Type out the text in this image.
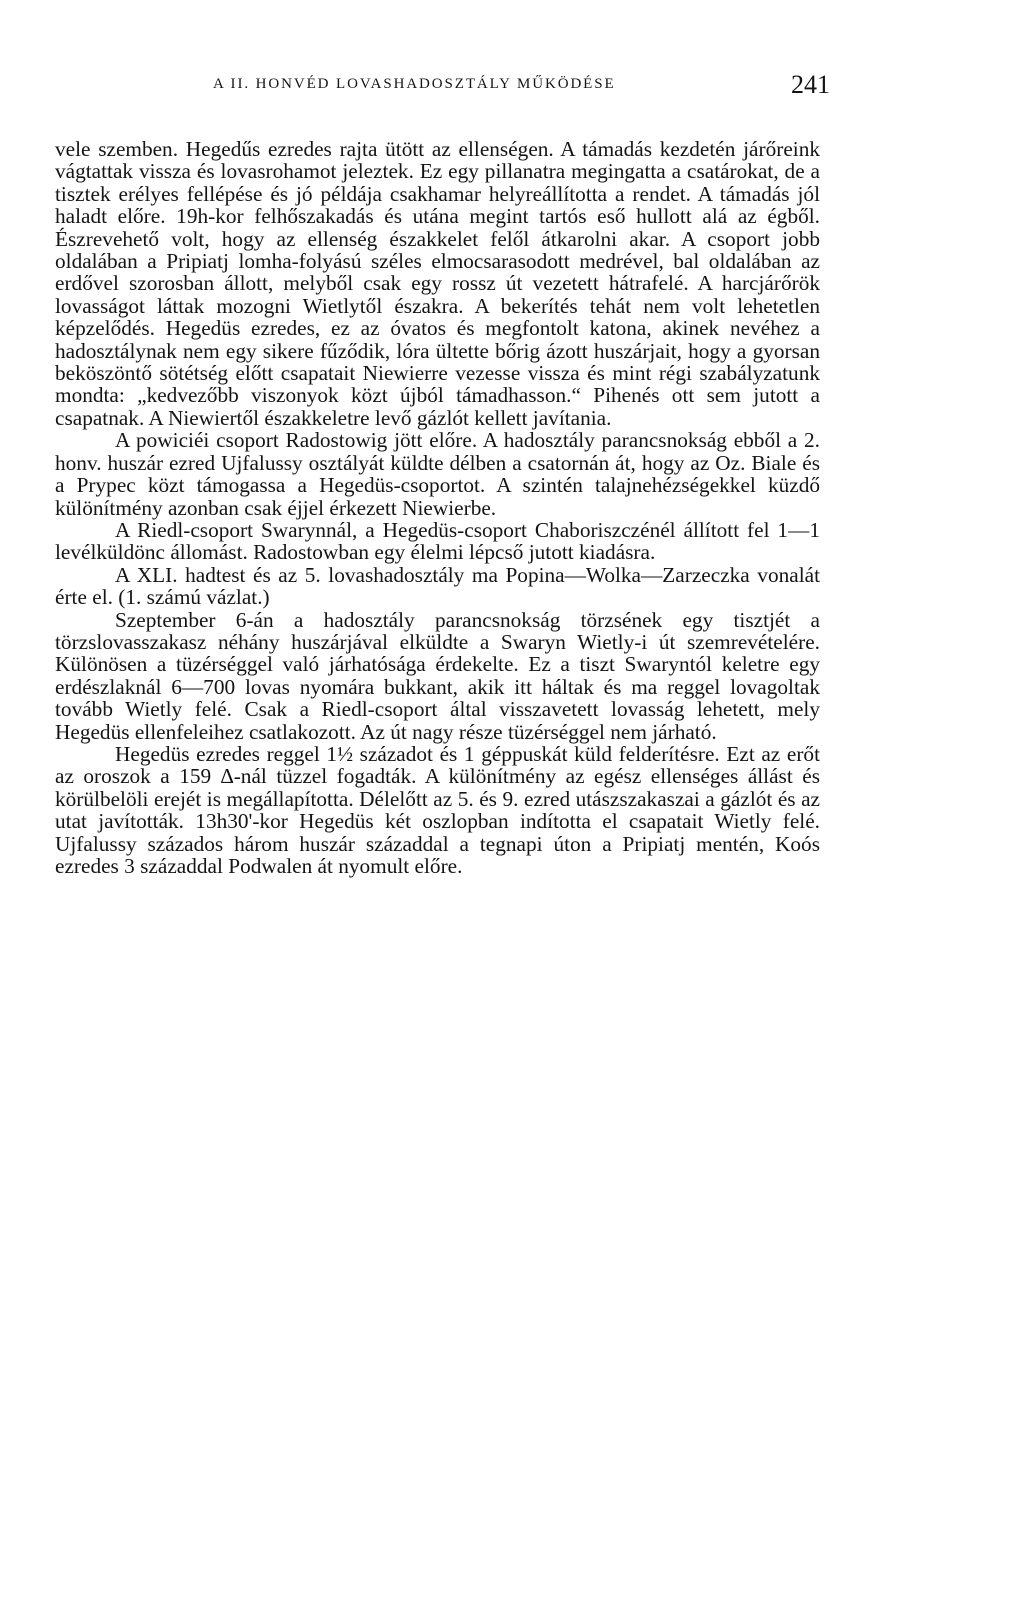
A II. HONVÉD LOVASHADOSZTÁLY MŰKÖDÉSE	241

vele szemben. Hegedűs ezredes rajta ütött az ellenségen. A támadás kezdetén járőreink vágtattak vissza és lovasrohamot jeleztek. Ez egy pillanatra megingatta a csatárokat, de a tisztek erélyes fellépése és jó példája csakhamar helyreállította a rendet. A támadás jól haladt előre. 19h-kor felhőszakadás és utána megint tartós eső hullott alá az égből. Észrevehető volt, hogy az ellenség északkelet felől átkarolni akar. A csoport jobb oldalában a Pripiatj lomha-folyású széles elmocsarasodott medrével, bal oldalában az erdővel szorosban állott, melyből csak egy rossz út vezetett hátrafelé. A harcjárőrök lovasságot láttak mozogni Wietlytől északra. A bekerítés tehát nem volt lehetetlen képzelődés. Hegedüs ezredes, ez az óvatos és megfontolt katona, akinek nevéhez a hadosztálynak nem egy sikere fűződik, lóra ültette bőrig ázott huszárjait, hogy a gyorsan beköszöntő sötétség előtt csapatait Niewierre vezesse vissza és mint régi szabályzatunk mondta: „kedvezőbb viszonyok közt újból támadhasson.“ Pihenés ott sem jutott a csapatnak. A Niewiertől északkeletre levő gázlót kellett javítania.

A powiciéi csoport Radostowig jött előre. A hadosztály parancsnokság ebből a 2. honv. huszár ezred Ujfalussy osztályát küldte délben a csatornán át, hogy az Oz. Biale és a Prypec közt támogassa a Hegedüs-csoportot. A szintén talajnehézségekkel küzdő különítmény azonban csak éjjel érkezett Niewierbe.

A Riedl-csoport Swarynnál, a Hegedüs-csoport Chaboriszczénél állított fel 1—1 levélküldönc állomást. Radostowban egy élelmi lépcső jutott kiadásra.

A XLI. hadtest és az 5. lovashadosztály ma Popina—Wolka—Zarzeczka vonalát érte el. (1. számú vázlat.)

Szeptember 6-án a hadosztály parancsnokság törzsének egy tisztjét a törzslovasszakasz néhány huszárjával elküldte a Swaryn Wietly-i út szemrevételére. Különösen a tüzérséggel való járhatósága érdekelte. Ez a tiszt Swaryntól keletre egy erdészlaknál 6—700 lovas nyomára bukkant, akik itt háltak és ma reggel lovagoltak tovább Wietly felé. Csak a Riedl-csoport által visszavetett lovasság lehetett, mely Hegedüs ellenfeleihez csatlakozott. Az út nagy része tüzérséggel nem járható.

Hegedüs ezredes reggel 1½ századot és 1 géppuskát küld felderítésre. Ezt az erőt az oroszok a 159 ∆-nál tüzzel fogadták. A különítmény az egész ellenséges állást és körülbelöli erejét is megállapította. Délelőtt az 5. és 9. ezred utászszakaszai a gázlót és az utat javították. 13h30'-kor Hegedüs két oszlopban indította el csapatait Wietly felé. Ujfalussy százados három huszár századdal a tegnapi úton a Pripiatj mentén, Koós ezredes 3 századdal Podwalen át nyomult előre.
